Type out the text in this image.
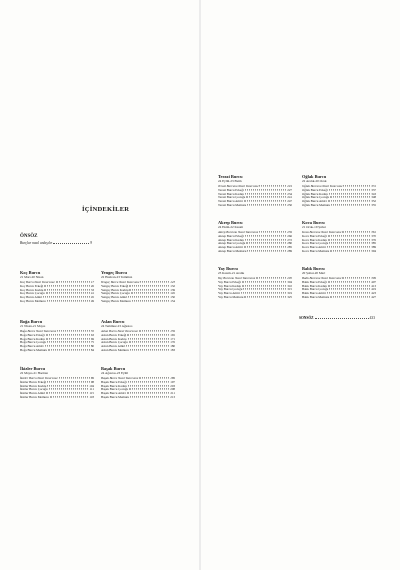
İÇİNDEKİLER
ÖNSÖZ
Burçlar nasıl anlaşılır	9
Koç Burcu
21 Mart-20 Nisan
Koç Burcu Nasıl Tanırsınız	17
Koç Burcu Erkeği	26
Koç Burcu Kadını	33
Koç Burcu Çocuğu	41
Koç Burcu Amiri	45
Koç Burcu Memuru	49
Yengeç Burcu
22 Haziran-23 Temmuz
Yengeç Burcu Nasıl Tanırsınız	123
Yengeç Burcu Erkeği	132
Yengeç Burcu Kadını	139
Yengeç Burcu Çocuğu	145
Yengeç Burcu Amiri	150
Yengeç Burcu Memuru	154
Boğa Burcu
21 Nisan-21 Mayıs
Boğa Burcu Nasıl Tanırsınız	55
Boğa Burcu Erkeği	63
Boğa Burcu Kadını	69
Boğa Burcu Çocuğu	75
Boğa Burcu Amiri	80
Boğa Burcu Memuru	84
Aslan Burcu
24 Temmuz-23 Ağustos
Aslan Burcu Nasıl Tanırsınız	159
Aslan Burcu Erkeği	165
Aslan Burcu Kadını	171
Aslan Burcu Çocuğu	176
Aslan Burcu Amiri	180
Aslan Burcu Memuru	183
İkizler Burcu
22 Mayıs-21 Haziran
İkizler Burcu Nasıl Tanırsınız	89
İkizler Burcu Erkeği	98
İkizler Burcu Kadını	104
İkizler Burcu Çocuğu	111
İkizler Burcu Amiri	115
İkizler Burcu Memuru	118
Başak Burcu
24 Ağustos-23 Eylül
Başak Burcu Nasıl Tanırsınız	189
Başak Burcu Erkeği	197
Başak Burcu Kadını	203
Başak Burcu Çocuğu	208
Başak Burcu Amiri	211
Başak Burcu Memuru	213
Terazi Burcu
24 Eylül-23 Ekim
Terazi Burcunu Nasıl Tanırsınız	219
Terazi Burcu Erkeği	227
Terazi Burcu Kadını	234
Terazi Burcu Çocuğu	241
Terazi Burcu Amiri	247
Terazi Burcu Memuru	250
Oğlak Burcu
22 Aralık-20 Ocak
Oğlak Burcunu Nasıl Tanırsınız	331
Oğlak Burcu Erkeği	337
Oğlak Burcu Kadını	343
Oğlak Burcu Çocuğu	348
Oğlak Burcu Amiri	352
Oğlak Burcu Memuru	355
Akrep Burcu
24 Ekim-22 Kasım
Akrep Burcunu Nasıl Tanırsınız	259
Akrep Burcu Erkeği	266
Akrep Burcu Kadını	272
Akrep Burcu Çocuğu	280
Akrep Burcu Amiri	285
Akrep Burcu Memuru	289
Kova Burcu
21 Ocak-19 Şubat
Kova Burcunu Nasıl Tanırsınız	361
Kova Burcu Erkeği	370
Kova Burcu Kadını	376
Kova Burcu Çocuğu	385
Kova Burcu Amiri	389
Kova Burcu Memuru	394
Yay Burcu
23 Kasım-21 Aralık
Yay Burcunu Nasıl Tanırsınız	295
Yay Burcu Erkeği	304
Yay Burcu Kadını	310
Yay Burcu Çocuğu	315
Yay Burcu Amiri	319
Yay Burcu Memuru	325
Balık Burcu
20 Şubat-20 Mart
Balık Burcunu Nasıl Tanırsınız	399
Balık Burcu Erkeği	407
Balık Burcu Kadını	413
Balık Burcu Çocuğu	419
Balık Burcu Amiri	423
Balık Burcu Memuru	427
SONSÖZ	433
